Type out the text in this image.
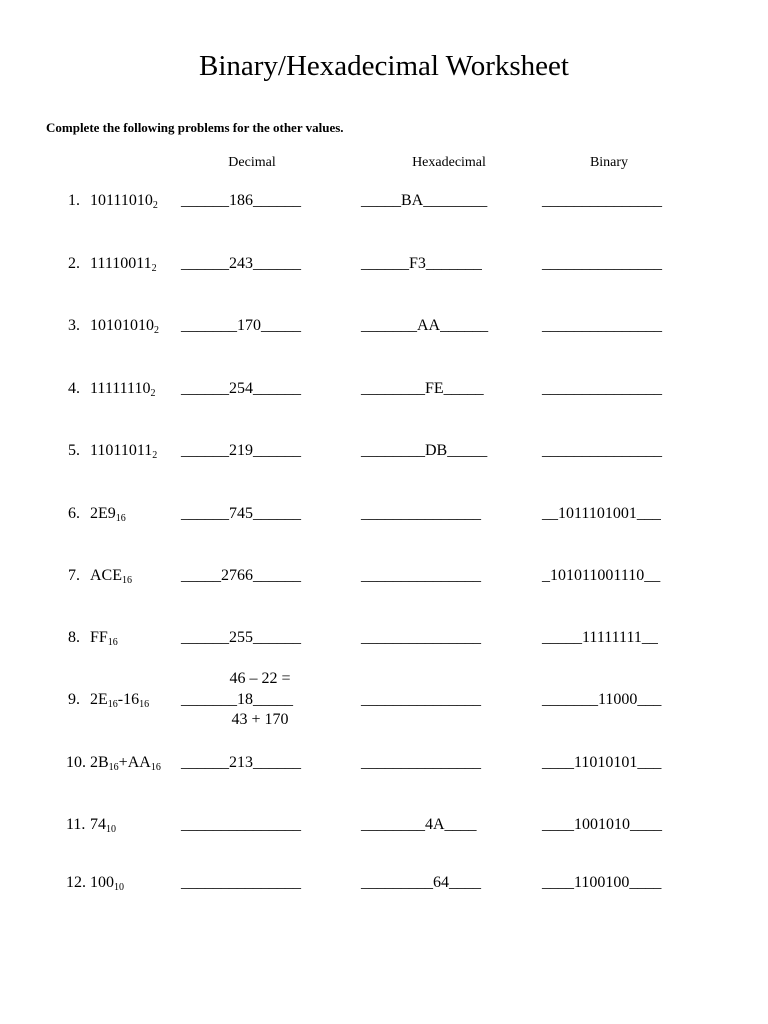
Binary/Hexadecimal Worksheet
Complete the following problems for the other values.
Decimal	Hexadecimal	Binary
1. $10111010_2$ ______186______	_____BA________	_______________
2. $11110011_2$ ______243______	______F3_______	_______________
3. $10101010_2$ _______170_____	_______AA______	_______________
4. $11111110_2$ ______254______	________FE_____	_______________
5. $11011011_2$ ______219______	________DB_____	_______________
6. $2E9_{16}$	______745______	_______________	__1011101001___
7. $ACE_{16}$	_____2766______	_______________	_101011001110__
8. $FF_{16}$	______255______	_______________	_____11111111__
46 – 22 =
9. $2E_{16}-16_{16}$ _______18_____	_______________	_______11000___
43 + 170
10. $2B_{16}+AA_{16}$ ______213______	_______________	____11010101___
11. $74_{10}$	_______________	________4A____	____1001010____
12. $100_{10}$	_______________	_________64____	____1100100____
